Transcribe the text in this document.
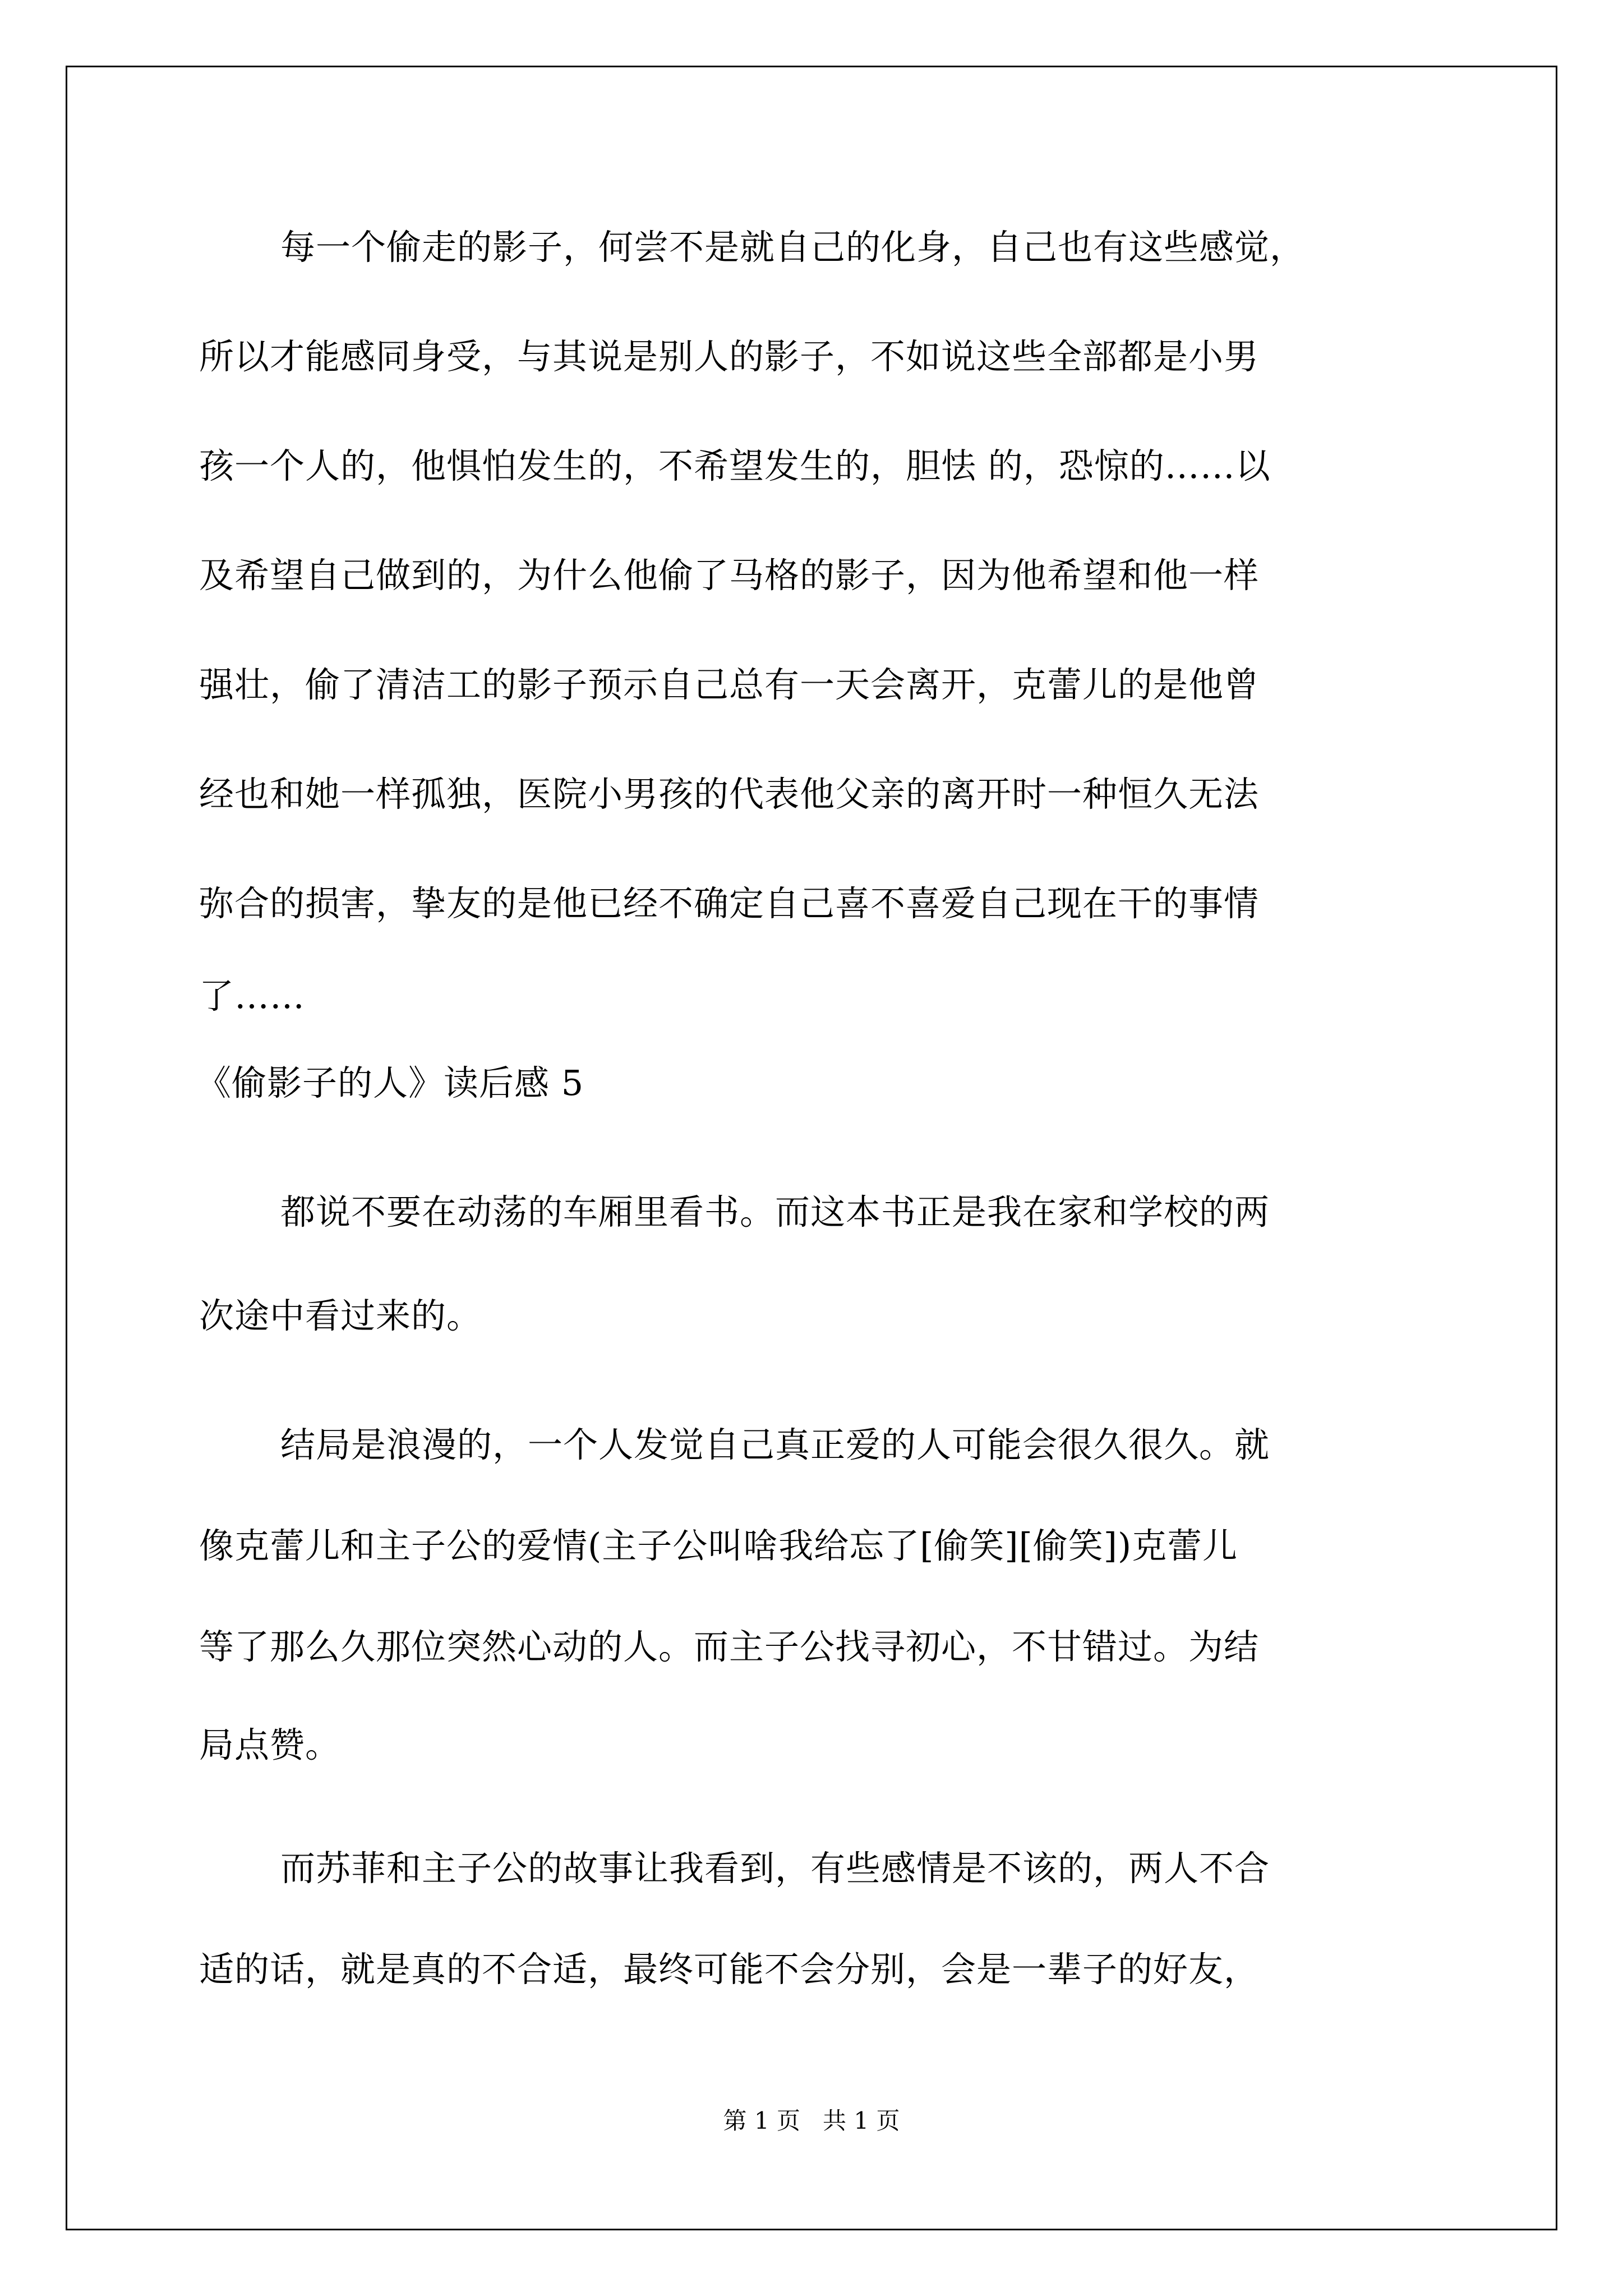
每一个偷走的影子，何尝不是就自己的化身，自己也有这些感觉，
所以才能感同身受，与其说是别人的影子，不如说这些全部都是小男
孩一个人的，他惧怕发生的，不希望发生的，胆怯 的，恐惊的……以
及希望自己做到的，为什么他偷了马格的影子，因为他希望和他一样
强壮，偷了清洁工的影子预示自己总有一天会离开，克蕾儿的是他曾
经也和她一样孤独，医院小男孩的代表他父亲的离开时一种恒久无法
弥合的损害，挚友的是他已经不确定自己喜不喜爱自己现在干的事情
了……
《偷影子的人》读后感 5
都说不要在动荡的车厢里看书。而这本书正是我在家和学校的两
次途中看过来的。
结局是浪漫的，一个人发觉自己真正爱的人可能会很久很久。就
像克蕾儿和主子公的爱情(主子公叫啥我给忘了[偷笑][偷笑])克蕾儿
等了那么久那位突然心动的人。而主子公找寻初心，不甘错过。为结
局点赞。
而苏菲和主子公的故事让我看到，有些感情是不该的，两人不合
适的话，就是真的不合适，最终可能不会分别，会是一辈子的好友，
第 1 页   共 1 页
